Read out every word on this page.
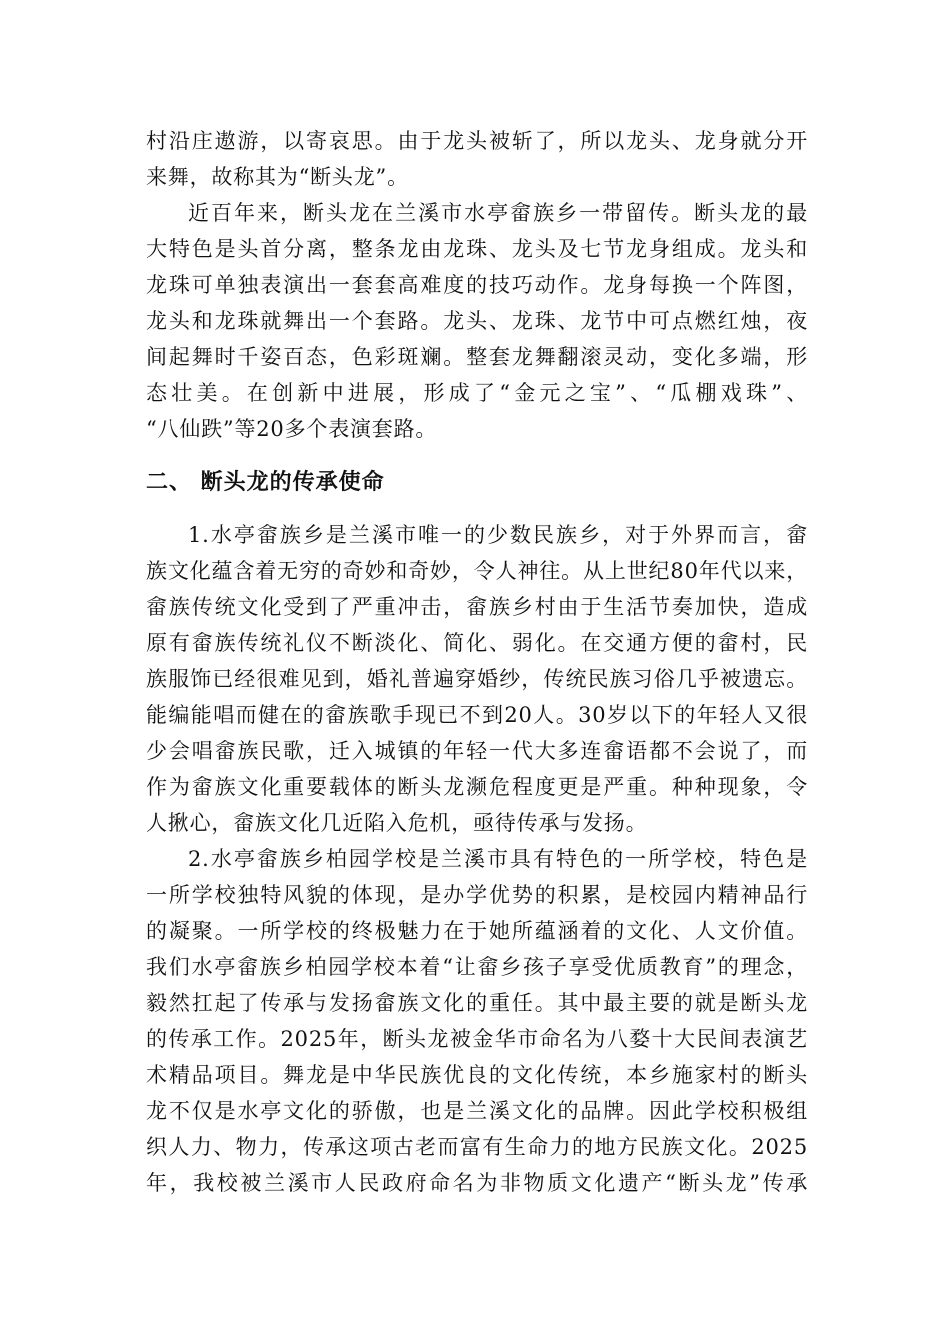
村沿庄遨游，以寄哀思。由于龙头被斩了，所以龙头、龙身就分开
来舞，故称其为“断头龙”。
近百年来，断头龙在兰溪市水亭畲族乡一带留传。断头龙的最
大特色是头首分离，整条龙由龙珠、龙头及七节龙身组成。龙头和
龙珠可单独表演出一套套高难度的技巧动作。龙身每换一个阵图，
龙头和龙珠就舞出一个套路。龙头、龙珠、龙节中可点燃红烛，夜
间起舞时千姿百态，色彩斑斓。整套龙舞翻滚灵动，变化多端，形
态壮美。在创新中进展，形成了“金元之宝”、“瓜棚戏珠”、
“八仙跌”等20多个表演套路。
二、 断头龙的传承使命
1.水亭畲族乡是兰溪市唯一的少数民族乡，对于外界而言，畲
族文化蕴含着无穷的奇妙和奇妙，令人神往。从上世纪80年代以来，
畲族传统文化受到了严重冲击，畲族乡村由于生活节奏加快，造成
原有畲族传统礼仪不断淡化、简化、弱化。在交通方便的畲村，民
族服饰已经很难见到，婚礼普遍穿婚纱，传统民族习俗几乎被遗忘。
能编能唱而健在的畲族歌手现已不到20人。30岁以下的年轻人又很
少会唱畲族民歌，迁入城镇的年轻一代大多连畲语都不会说了，而
作为畲族文化重要载体的断头龙濒危程度更是严重。种种现象，令
人揪心，畲族文化几近陷入危机，亟待传承与发扬。
2.水亭畲族乡柏园学校是兰溪市具有特色的一所学校，特色是
一所学校独特风貌的体现，是办学优势的积累，是校园内精神品行
的凝聚。一所学校的终极魅力在于她所蕴涵着的文化、人文价值。
我们水亭畲族乡柏园学校本着“让畲乡孩子享受优质教育”的理念，
毅然扛起了传承与发扬畲族文化的重任。其中最主要的就是断头龙
的传承工作。2025年，断头龙被金华市命名为八婺十大民间表演艺
术精品项目。舞龙是中华民族优良的文化传统，本乡施家村的断头
龙不仅是水亭文化的骄傲，也是兰溪文化的品牌。因此学校积极组
织人力、物力，传承这项古老而富有生命力的地方民族文化。2025
年，我校被兰溪市人民政府命名为非物质文化遗产“断头龙”传承
